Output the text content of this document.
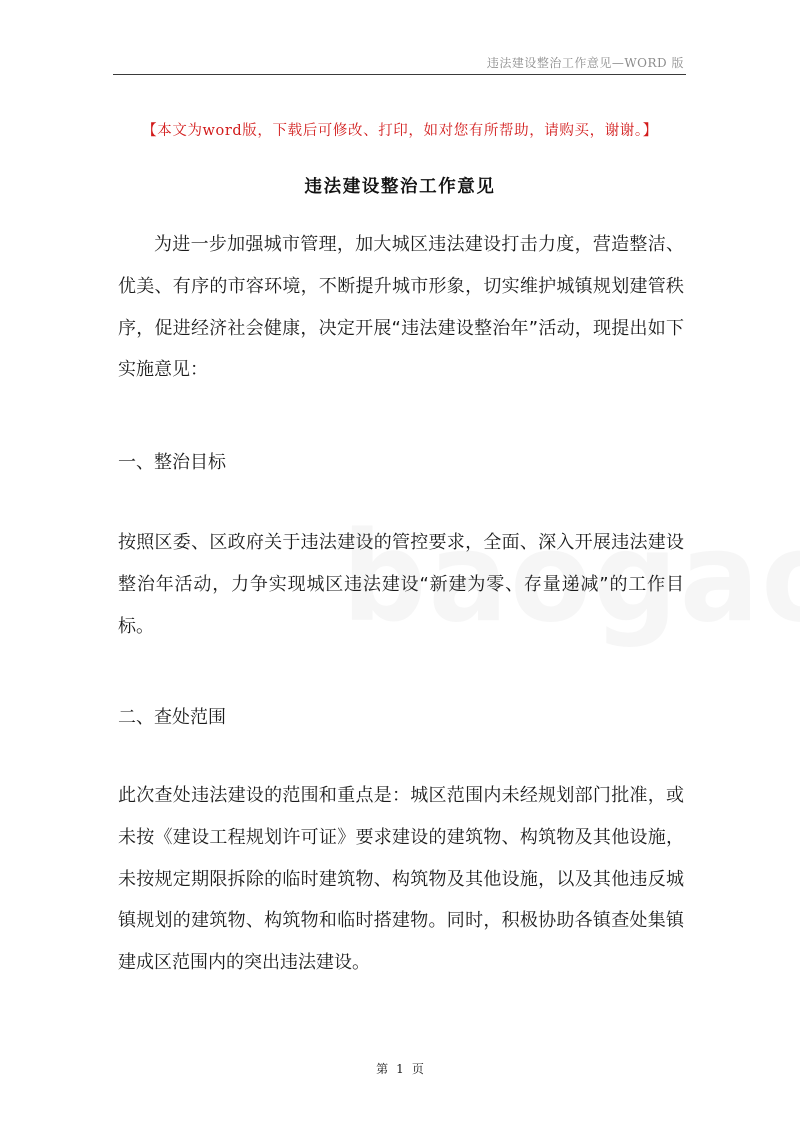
违法建设整治工作意见—WORD 版
【本文为word版，下载后可修改、打印，如对您有所帮助，请购买，谢谢。】
违法建设整治工作意见

为进一步加强城市管理，加大城区违法建设打击力度，营造整洁、优美、有序的市容环境，不断提升城市形象，切实维护城镇规划建管秩序，促进经济社会健康，决定开展“违法建设整治年”活动，现提出如下实施意见：

一、整治目标

按照区委、区政府关于违法建设的管控要求，全面、深入开展违法建设整治年活动，力争实现城区违法建设“新建为零、存量递减”的工作目标。

二、查处范围

此次查处违法建设的范围和重点是：城区范围内未经规划部门批准，或未按《建设工程规划许可证》要求建设的建筑物、构筑物及其他设施，未按规定期限拆除的临时建筑物、构筑物及其他设施，以及其他违反城镇规划的建筑物、构筑物和临时搭建物。同时，积极协助各镇查处集镇建成区范围内的突出违法建设。

第 1 页
